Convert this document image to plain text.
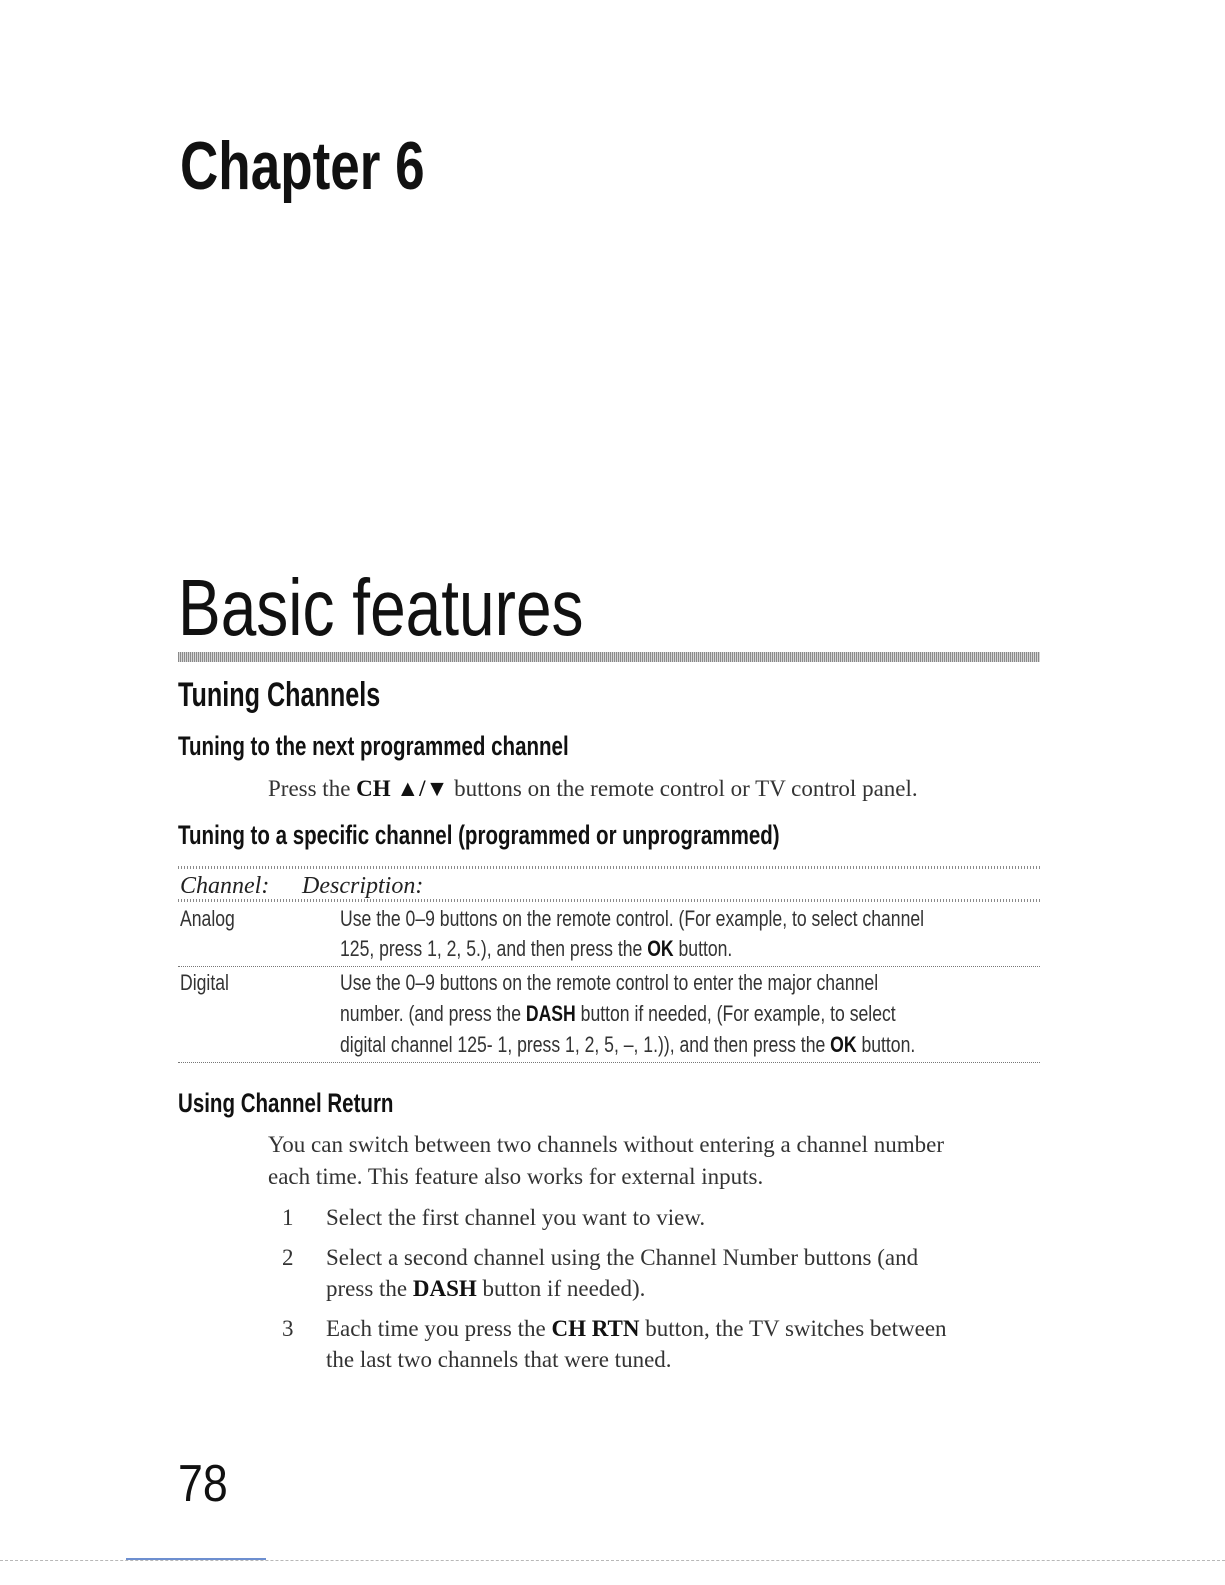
Chapter 6
Basic features
Tuning Channels
Tuning to the next programmed channel
Press the CH ▲/▼ buttons on the remote control or TV control panel.
Tuning to a specific channel (programmed or unprogrammed)
Channel: Description:
Analog	Use the 0–9 buttons on the remote control. (For example, to select channel
125, press 1, 2, 5.), and then press the OK button.
Digital	Use the 0–9 buttons on the remote control to enter the major channel
number. (and press the DASH button if needed, (For example, to select
digital channel 125- 1, press 1, 2, 5, –, 1.)), and then press the OK button.
Using Channel Return
You can switch between two channels without entering a channel number
each time. This feature also works for external inputs.
1 Select the first channel you want to view.
2 Select a second channel using the Channel Number buttons (and
press the DASH button if needed).
3 Each time you press the CH RTN button, the TV switches between
the last two channels that were tuned.
78
